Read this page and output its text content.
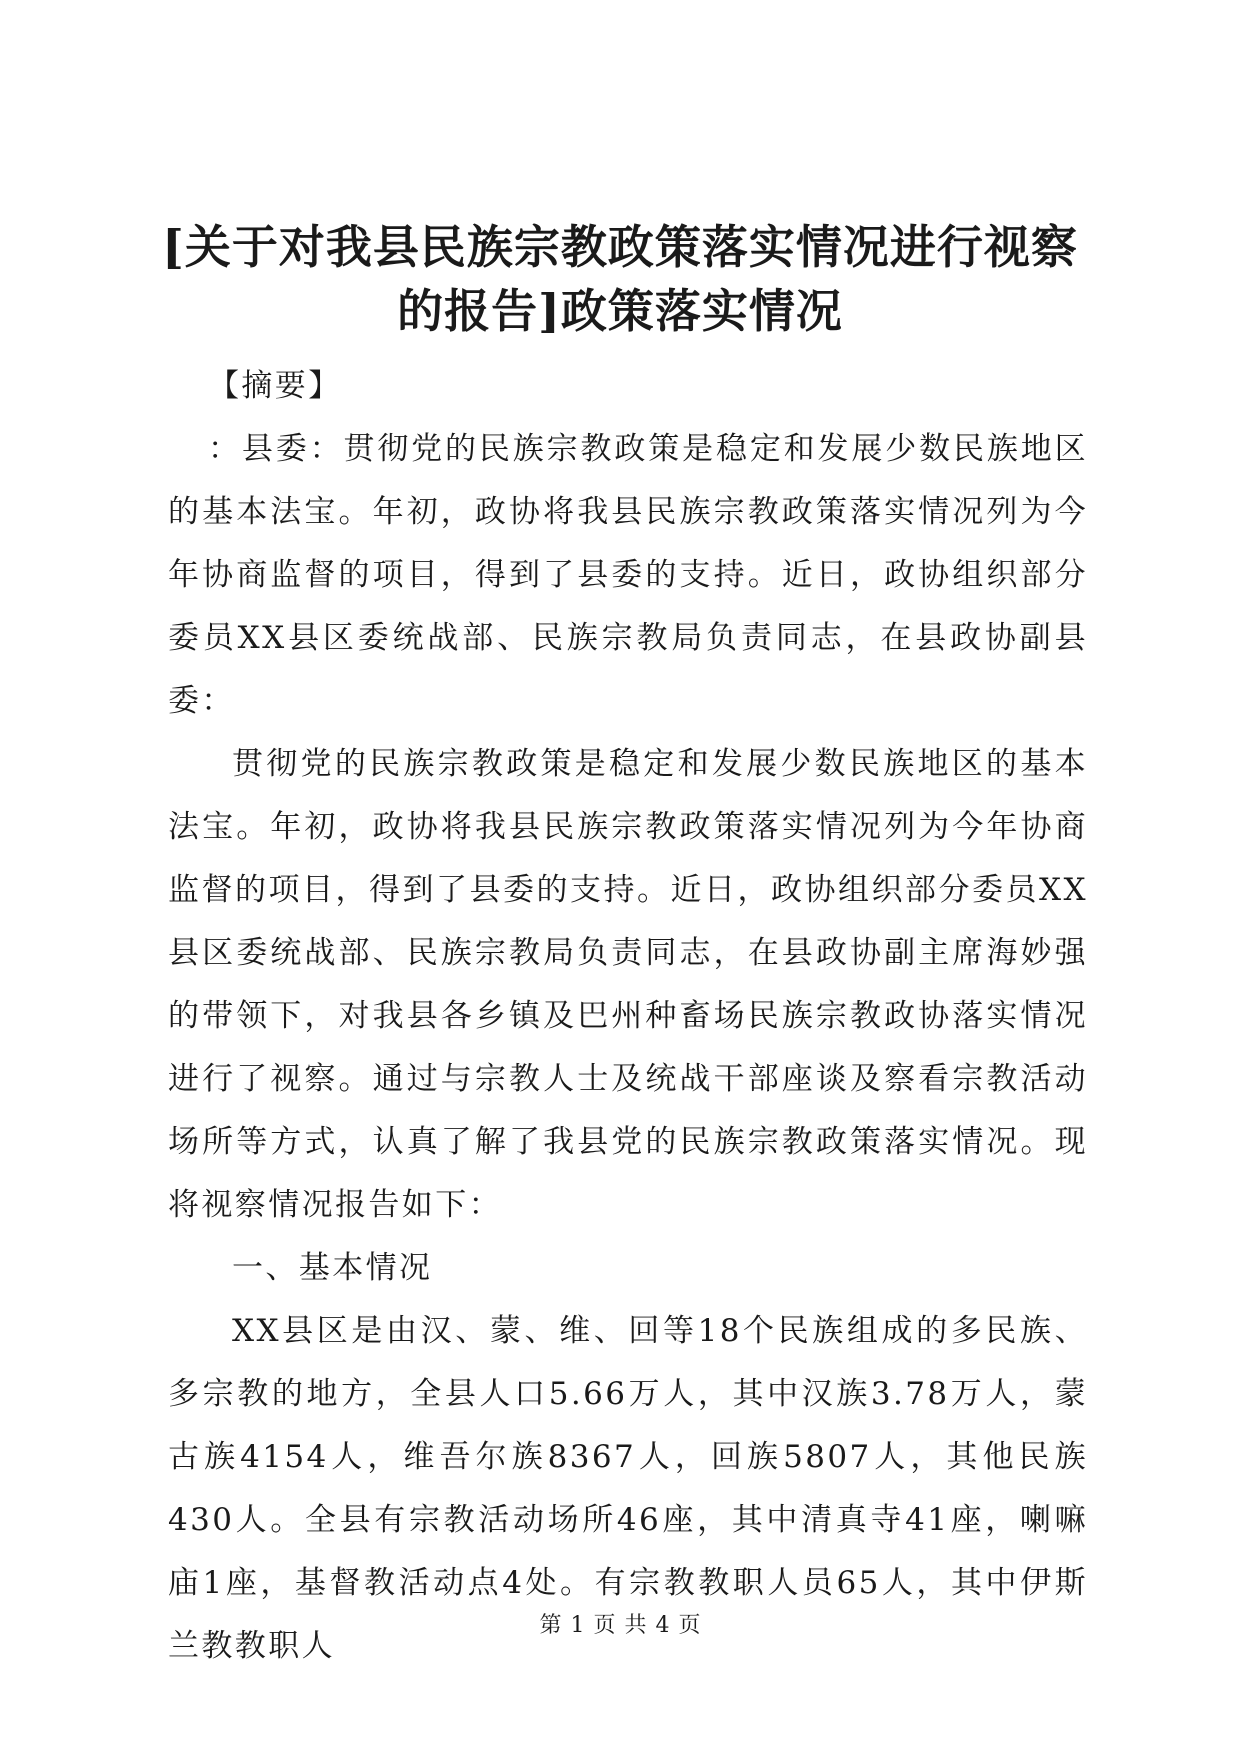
[关于对我县民族宗教政策落实情况进行视察
的报告]政策落实情况

【摘要】

：县委：贯彻党的民族宗教政策是稳定和发展少数民族地区的基本法宝。年初，政协将我县民族宗教政策落实情况列为今年协商监督的项目，得到了县委的支持。近日，政协组织部分委员XX县区委统战部、民族宗教局负责同志，在县政协副县委：

贯彻党的民族宗教政策是稳定和发展少数民族地区的基本法宝。年初，政协将我县民族宗教政策落实情况列为今年协商监督的项目，得到了县委的支持。近日，政协组织部分委员XX县区委统战部、民族宗教局负责同志，在县政协副主席海妙强的带领下，对我县各乡镇及巴州种畜场民族宗教政协落实情况进行了视察。通过与宗教人士及统战干部座谈及察看宗教活动场所等方式，认真了解了我县党的民族宗教政策落实情况。现将视察情况报告如下：

一、基本情况

XX县区是由汉、蒙、维、回等18个民族组成的多民族、多宗教的地方，全县人口5.66万人，其中汉族3.78万人，蒙古族4154人，维吾尔族8367人，回族5807人，其他民族430人。全县有宗教活动场所46座，其中清真寺41座，喇嘛庙1座，基督教活动点4处。有宗教教职人员65人，其中伊斯兰教教职人

第 1 页 共 4 页
